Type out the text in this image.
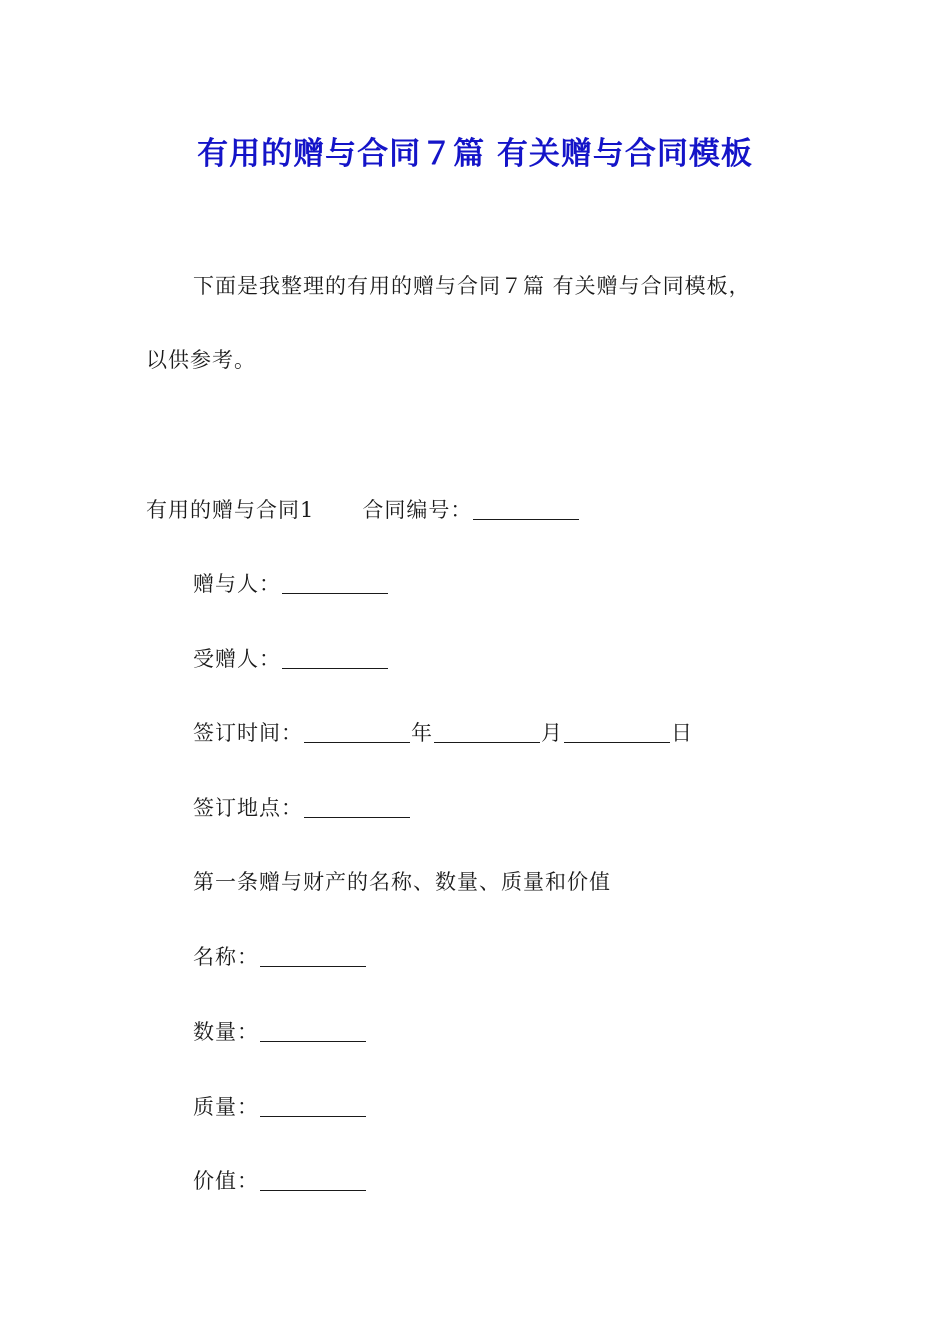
有用的赠与合同７篇 有关赠与合同模板
下面是我整理的有用的赠与合同７篇 有关赠与合同模板，
以供参考。
有用的赠与合同1 合同编号：
赠与人：
受赠人：
签订时间：	年	月	日
签订地点：
第一条赠与财产的名称、数量、质量和价值
名称：
数量：
质量：
价值：
